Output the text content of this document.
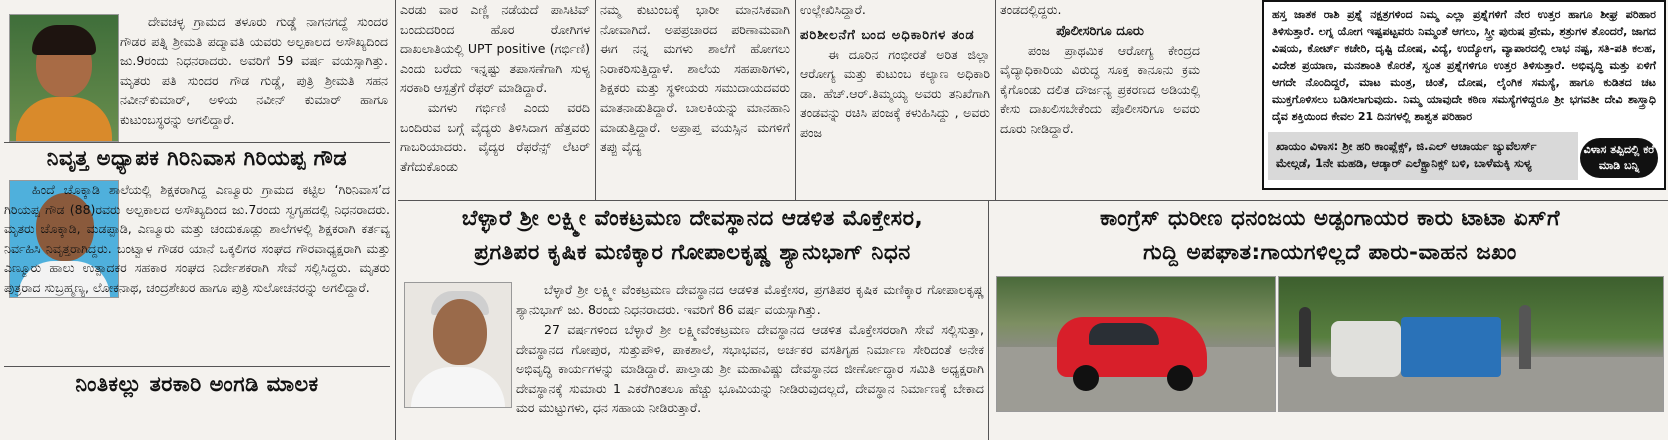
ದೇವಚಳ್ಳ ಗ್ರಾಮದ ತಳೂರು ಗುಡ್ಡೆ ನಾಗನಗದ್ದೆ ಸುಂದರ ಗೌಡರ ಪತ್ನಿ ಶ್ರೀಮತಿ ಪದ್ಮಾವತಿ ಯವರು ಅಲ್ಪಕಾಲದ ಅಸೌಖ್ಯದಿಂದ ಜು.9ರಂದು ನಿಧನರಾದರು. ಅವರಿಗೆ 59 ವರ್ಷ ವಯಸ್ಸಾಗಿತ್ತು. ಮೃತರು ಪತಿ ಸುಂದರ ಗೌಡ ಗುಡ್ಡೆ, ಪುತ್ರಿ ಶ್ರೀಮತಿ ಸಹನ ನವೀನ್‌ಕುಮಾರ್, ಅಳಿಯ ನವೀನ್ ಕುಮಾರ್ ಹಾಗೂ ಕುಟುಂಬಸ್ಥರನ್ನು ಅಗಲಿದ್ದಾರೆ.

ನಿವೃತ್ತ ಅಧ್ಯಾಪಕ ಗಿರಿನಿವಾಸ ಗಿರಿಯಪ್ಪ ಗೌಡ

ಹಿಂದೆ ಚೊಕ್ಕಾಡಿ ಶಾಲೆಯಲ್ಲಿ ಶಿಕ್ಷಕರಾಗಿದ್ದ ಎಣ್ಮೂರು ಗ್ರಾಮದ ಕಟ್ಟಿಲ ‘ಗಿರಿನಿವಾಸ’ದ ಗಿರಿಯಪ್ಪ ಗೌಡ (88)ರವರು ಅಲ್ಪಕಾಲದ ಅಸೌಖ್ಯದಿಂದ ಜು.7ರಂದು ಸ್ವಗೃಹದಲ್ಲಿ ನಿಧನರಾದರು. ಮೃತರು ಚೊಕ್ಕಾಡಿ, ಮಡಪ್ಪಾಡಿ, ಎಣ್ಮೂರು ಮತ್ತು ಚಂದುಕೂಡ್ಲು ಶಾಲೆಗಳಲ್ಲಿ ಶಿಕ್ಷಕರಾಗಿ ಕರ್ತವ್ಯ ನಿರ್ವಹಿಸಿ ನಿವೃತ್ತರಾಗಿದ್ದರು. ಬಂಟ್ವಾಳ ಗೌಡರ ಯಾನೆ ಒಕ್ಕಲಿಗರ ಸಂಘದ ಗೌರವಾಧ್ಯಕ್ಷರಾಗಿ ಮತ್ತು ಎಣ್ಮೂರು ಹಾಲು ಉತ್ಪಾದಕರ ಸಹಕಾರ ಸಂಘದ ನಿರ್ದೇಶಕರಾಗಿ ಸೇವೆ ಸಲ್ಲಿಸಿದ್ದರು. ಮೃತರು ಪುತ್ರರಾದ ಸುಬ್ರಹ್ಮಣ್ಯ, ಲೋಕನಾಥ, ಚಂದ್ರಶೇಖರ ಹಾಗೂ ಪುತ್ರಿ ಸುಲೋಚನರನ್ನು ಅಗಲಿದ್ದಾರೆ.

ನಿಂತಿಕಲ್ಲು ತರಕಾರಿ ಅಂಗಡಿ ಮಾಲಕ

ಎರಡು ವಾರ ಎಣ್ಣಿ ನಡೆಯದೆ ಪಾಸಿಟಿವ್ ಬಂದುದರಿಂದ ಹೊರ ರೋಗಿಗಳ ದಾಖಲಾತಿಯಲ್ಲಿ UPT positive (ಗರ್ಭಿಣಿ) ಎಂದು ಬರೆದು ಇನ್ನಷ್ಟು ತಪಾಸಣೆಗಾಗಿ ಸುಳ್ಯ ಸರಕಾರಿ ಆಸ್ಪತ್ರೆಗೆ ರೆಫರ್ ಮಾಡಿದ್ದಾರೆ.

ಮಗಳು ಗರ್ಭಿಣಿ ಎಂದು ವರದಿ ಬಂದಿರುವ ಬಗ್ಗೆ ವೈದ್ಯರು ತಿಳಿಸಿದಾಗ ಹೆತ್ತವರು ಗಾಬರಿಯಾದರು. ವೈದ್ಯರ ರೆಫರೆನ್ಸ್ ಲೆಟರ್ ತೆಗೆದುಕೊಂಡು

ನಮ್ಮ ಕುಟುಂಬಕ್ಕೆ ಭಾರೀ ಮಾನಸಿಕವಾಗಿ ನೋವಾಗಿದೆ. ಅಪಪ್ರಚಾರದ ಪರಿಣಾಮವಾಗಿ ಈಗ ನನ್ನ ಮಗಳು ಶಾಲೆಗೆ ಹೋಗಲು ನಿರಾಕರಿಸುತ್ತಿದ್ದಾಳೆ. ಶಾಲೆಯ ಸಹಪಾಠಿಗಳು, ಶಿಕ್ಷಕರು ಮತ್ತು ಸ್ಥಳೀಯರು ಸಮುದಾಯದವರು ಮಾತನಾಡುತಿದ್ದಾರೆ. ಬಾಲಕಿಯನ್ನು ಮಾನಹಾನಿ ಮಾಡುತ್ತಿದ್ದಾರೆ. ಅಪ್ರಾಪ್ತ ವಯಸ್ಸಿನ ಮಗಳಿಗೆ ತಪ್ಪು ವೈದ್ಯ

ಉಲ್ಲೇಖಿಸಿದ್ದಾರೆ.

ಪರಿಶೀಲನೆಗೆ ಬಂದ ಅಧಿಕಾರಿಗಳ ತಂಡ

ಈ ದೂರಿನ ಗಂಭೀರತೆ ಅರಿತ ಜಿಲ್ಲಾ ಆರೋಗ್ಯ ಮತ್ತು ಕುಟುಂಬ ಕಲ್ಯಾಣ ಅಧಿಕಾರಿ ಡಾ. ಹೆಚ್.ಆರ್.ತಿಮ್ಮಯ್ಯ ಅವರು ತನಿಖೆಗಾಗಿ ತಂಡವನ್ನು ರಚಿಸಿ ಪಂಜಕ್ಕೆ ಕಳುಹಿಸಿದ್ದು , ಅವರು ಪಂಜ

ತಂಡದಲ್ಲಿದ್ದರು.

ಪೊಲೀಸರಿಗೂ ದೂರು

ಪಂಜ ಪ್ರಾಥಮಿಕ ಆರೋಗ್ಯ ಕೇಂದ್ರದ ವೈದ್ಯಾಧಿಕಾರಿಯ ವಿರುದ್ಧ ಸೂಕ್ತ ಕಾನೂನು ಕ್ರಮ ಕೈಗೊಂಡು ದಲಿತ ದೌರ್ಜನ್ಯ ಪ್ರಕರಣದ ಅಡಿಯಲ್ಲಿ ಕೇಸು ದಾಖಲಿಸಬೇಕೆಂದು ಪೊಲೀಸರಿಗೂ ಅವರು ದೂರು ನೀಡಿದ್ದಾರೆ.

ಹಸ್ತ ಜಾತಕ ರಾಶಿ ಪ್ರಶ್ನೆ ನಕ್ಷತ್ರಗಳಿಂದ ನಿಮ್ಮ ಎಲ್ಲಾ ಪ್ರಶ್ನೆಗಳಿಗೆ ನೇರ ಉತ್ತರ ಹಾಗೂ ಶೀಘ್ರ ಪರಿಹಾರ ತಿಳಿಸುತ್ತಾರೆ. ಲಗ್ನ ಯೋಗ ಇಷ್ಟಪಟ್ಟವರು ನಿಮ್ಮಂತೆ ಆಗಲು, ಸ್ತ್ರೀ ಪುರುಷ ಪ್ರೇಮ, ಶತ್ರುಗಳ ತೊಂದರೆ, ಜಾಗದ ವಿಷಯ, ಕೋರ್ಟ್ ಕಚೇರಿ, ದೃಷ್ಟಿ ದೋಷ, ವಿದ್ಯೆ, ಉದ್ಯೋಗ, ವ್ಯಾಪಾರದಲ್ಲಿ ಲಾಭ ನಷ್ಟ, ಸತಿ-ಪತಿ ಕಲಹ, ವಿದೇಶ ಪ್ರಯಾಣ, ಮನಶಾಂತಿ ಕೊರತೆ, ಸ್ವಂತ ಪ್ರಶ್ನೆಗಳಿಗೂ ಉತ್ತರ ತಿಳಿಸುತ್ತಾರೆ. ಅಭಿವೃದ್ಧಿ ಮತ್ತು ಏಳಿಗೆ ಆಗದೇ ನೊಂದಿದ್ದರೆ, ಮಾಟ ಮಂತ್ರ, ಚಿಂತೆ, ದೋಷ, ಲೈಂಗಿಕ ಸಮಸ್ಯೆ, ಹಾಗೂ ಕುಡಿತದ ಚಟ ಮುಕ್ತಗೊಳಿಸಲು ಬಡಿಸಲಾಗುವುದು. ನಿಮ್ಮ ಯಾವುದೇ ಕಠಿಣ ಸಮಸ್ಯೆಗಳಿದ್ದರೂ ಶ್ರೀ ಭಗವತೀ ದೇವಿ ಶಾಸ್ತ್ರಾಧಿ ದೈವ ಶಕ್ತಿಯಿಂದ ಕೇವಲ 21 ದಿನಗಳಲ್ಲಿ ಶಾಶ್ವತ ಪರಿಹಾರ

ಖಾಯಂ ವಿಳಾಸ: ಶ್ರೀ ಹರಿ ಕಾಂಪ್ಲೆಕ್ಸ್, ಜಿ.ಎಲ್ ಆಚಾರ್ಯ ಜ್ಯುವೆಲರ್ಸ್ ಮೇಲ್ಗಡೆ, 1ನೇ ಮಹಡಿ, ಆಡ್ಕಾರ್ ಎಲೆಕ್ಟ್ರಾನಿಕ್ಸ್ ಬಳಿ, ಬಾಳೆಮಕ್ಕಿ ಸುಳ್ಯ
ವಿಳಾಸ ತಪ್ಪಿದಲ್ಲಿ ಕರೆ ಮಾಡಿ ಬನ್ನಿ
ಬೆಳ್ಳಾರೆ ಶ್ರೀ ಲಕ್ಷ್ಮೀ ವೆಂಕಟ್ರಮಣ ದೇವಸ್ಥಾನದ ಆಡಳಿತ ಮೊಕ್ತೇಸರ,
ಪ್ರಗತಿಪರ ಕೃಷಿಕ ಮಣಿಕ್ಕಾರ ಗೋಪಾಲಕೃಷ್ಣ ಶ್ಯಾನುಭಾಗ್ ನಿಧನ

ಬೆಳ್ಳಾರೆ ಶ್ರೀ ಲಕ್ಷ್ಮೀ ವೆಂಕಟ್ರಮಣ ದೇವಸ್ಥಾನದ ಆಡಳಿತ ಮೊಕ್ತೇಸರ, ಪ್ರಗತಿಪರ ಕೃಷಿಕ ಮಣಿಕ್ಕಾರ ಗೋಪಾಲಕೃಷ್ಣ ಶ್ಯಾನುಭಾಗ್ ಜು. 8ರಂದು ನಿಧನರಾದರು. ಇವರಿಗೆ 86 ವರ್ಷ ವಯಸ್ಸಾಗಿತ್ತು.

27 ವರ್ಷಗಳಿಂದ ಬೆಳ್ಳಾರೆ ಶ್ರೀ ಲಕ್ಷ್ಮೀವೆಂಕಟ್ರಮಣ ದೇವಸ್ಥಾನದ ಆಡಳಿತ ಮೊಕ್ತೇಸರರಾಗಿ ಸೇವೆ ಸಲ್ಲಿಸುತ್ತಾ, ದೇವಸ್ಥಾನದ ಗೋಪುರ, ಸುತ್ತುಪೌಳಿ, ಪಾಕಶಾಲೆ, ಸಭಾಭವನ, ಅರ್ಚಕರ ವಸತಿಗೃಹ ನಿರ್ಮಾಣ ಸೇರಿದಂತೆ ಅನೇಕ ಅಭಿವೃದ್ಧಿ ಕಾರ್ಯಗಳನ್ನು ಮಾಡಿದ್ದಾರೆ. ಪಾಲ್ತಾಡು ಶ್ರೀ ಮಹಾವಿಷ್ಣು ದೇವಸ್ಥಾನದ ಜೀರ್ಣೋದ್ಧಾರ ಸಮಿತಿ ಅಧ್ಯಕ್ಷರಾಗಿ ದೇವಸ್ಥಾನಕ್ಕೆ ಸುಮಾರು 1 ಎಕರೆಗಿಂತಲೂ ಹೆಚ್ಚು ಭೂಮಿಯನ್ನು ನೀಡಿರುವುದಲ್ಲದೆ, ದೇವಸ್ಥಾನ ನಿರ್ಮಾಣಕ್ಕೆ ಬೇಕಾದ ಮರ ಮುಟ್ಟುಗಳು, ಧನ ಸಹಾಯ ನೀಡಿರುತ್ತಾರೆ.

ಕಾಂಗ್ರೆಸ್ ಧುರೀಣ ಧನಂಜಯ ಅಡ್ಪಂಗಾಯರ ಕಾರು ಟಾಟಾ ಏಸ್‌ಗೆ
ಗುದ್ದಿ ಅಪಘಾತ:ಗಾಯಗಳಿಲ್ಲದೆ ಪಾರು-ವಾಹನ ಜಖಂ
